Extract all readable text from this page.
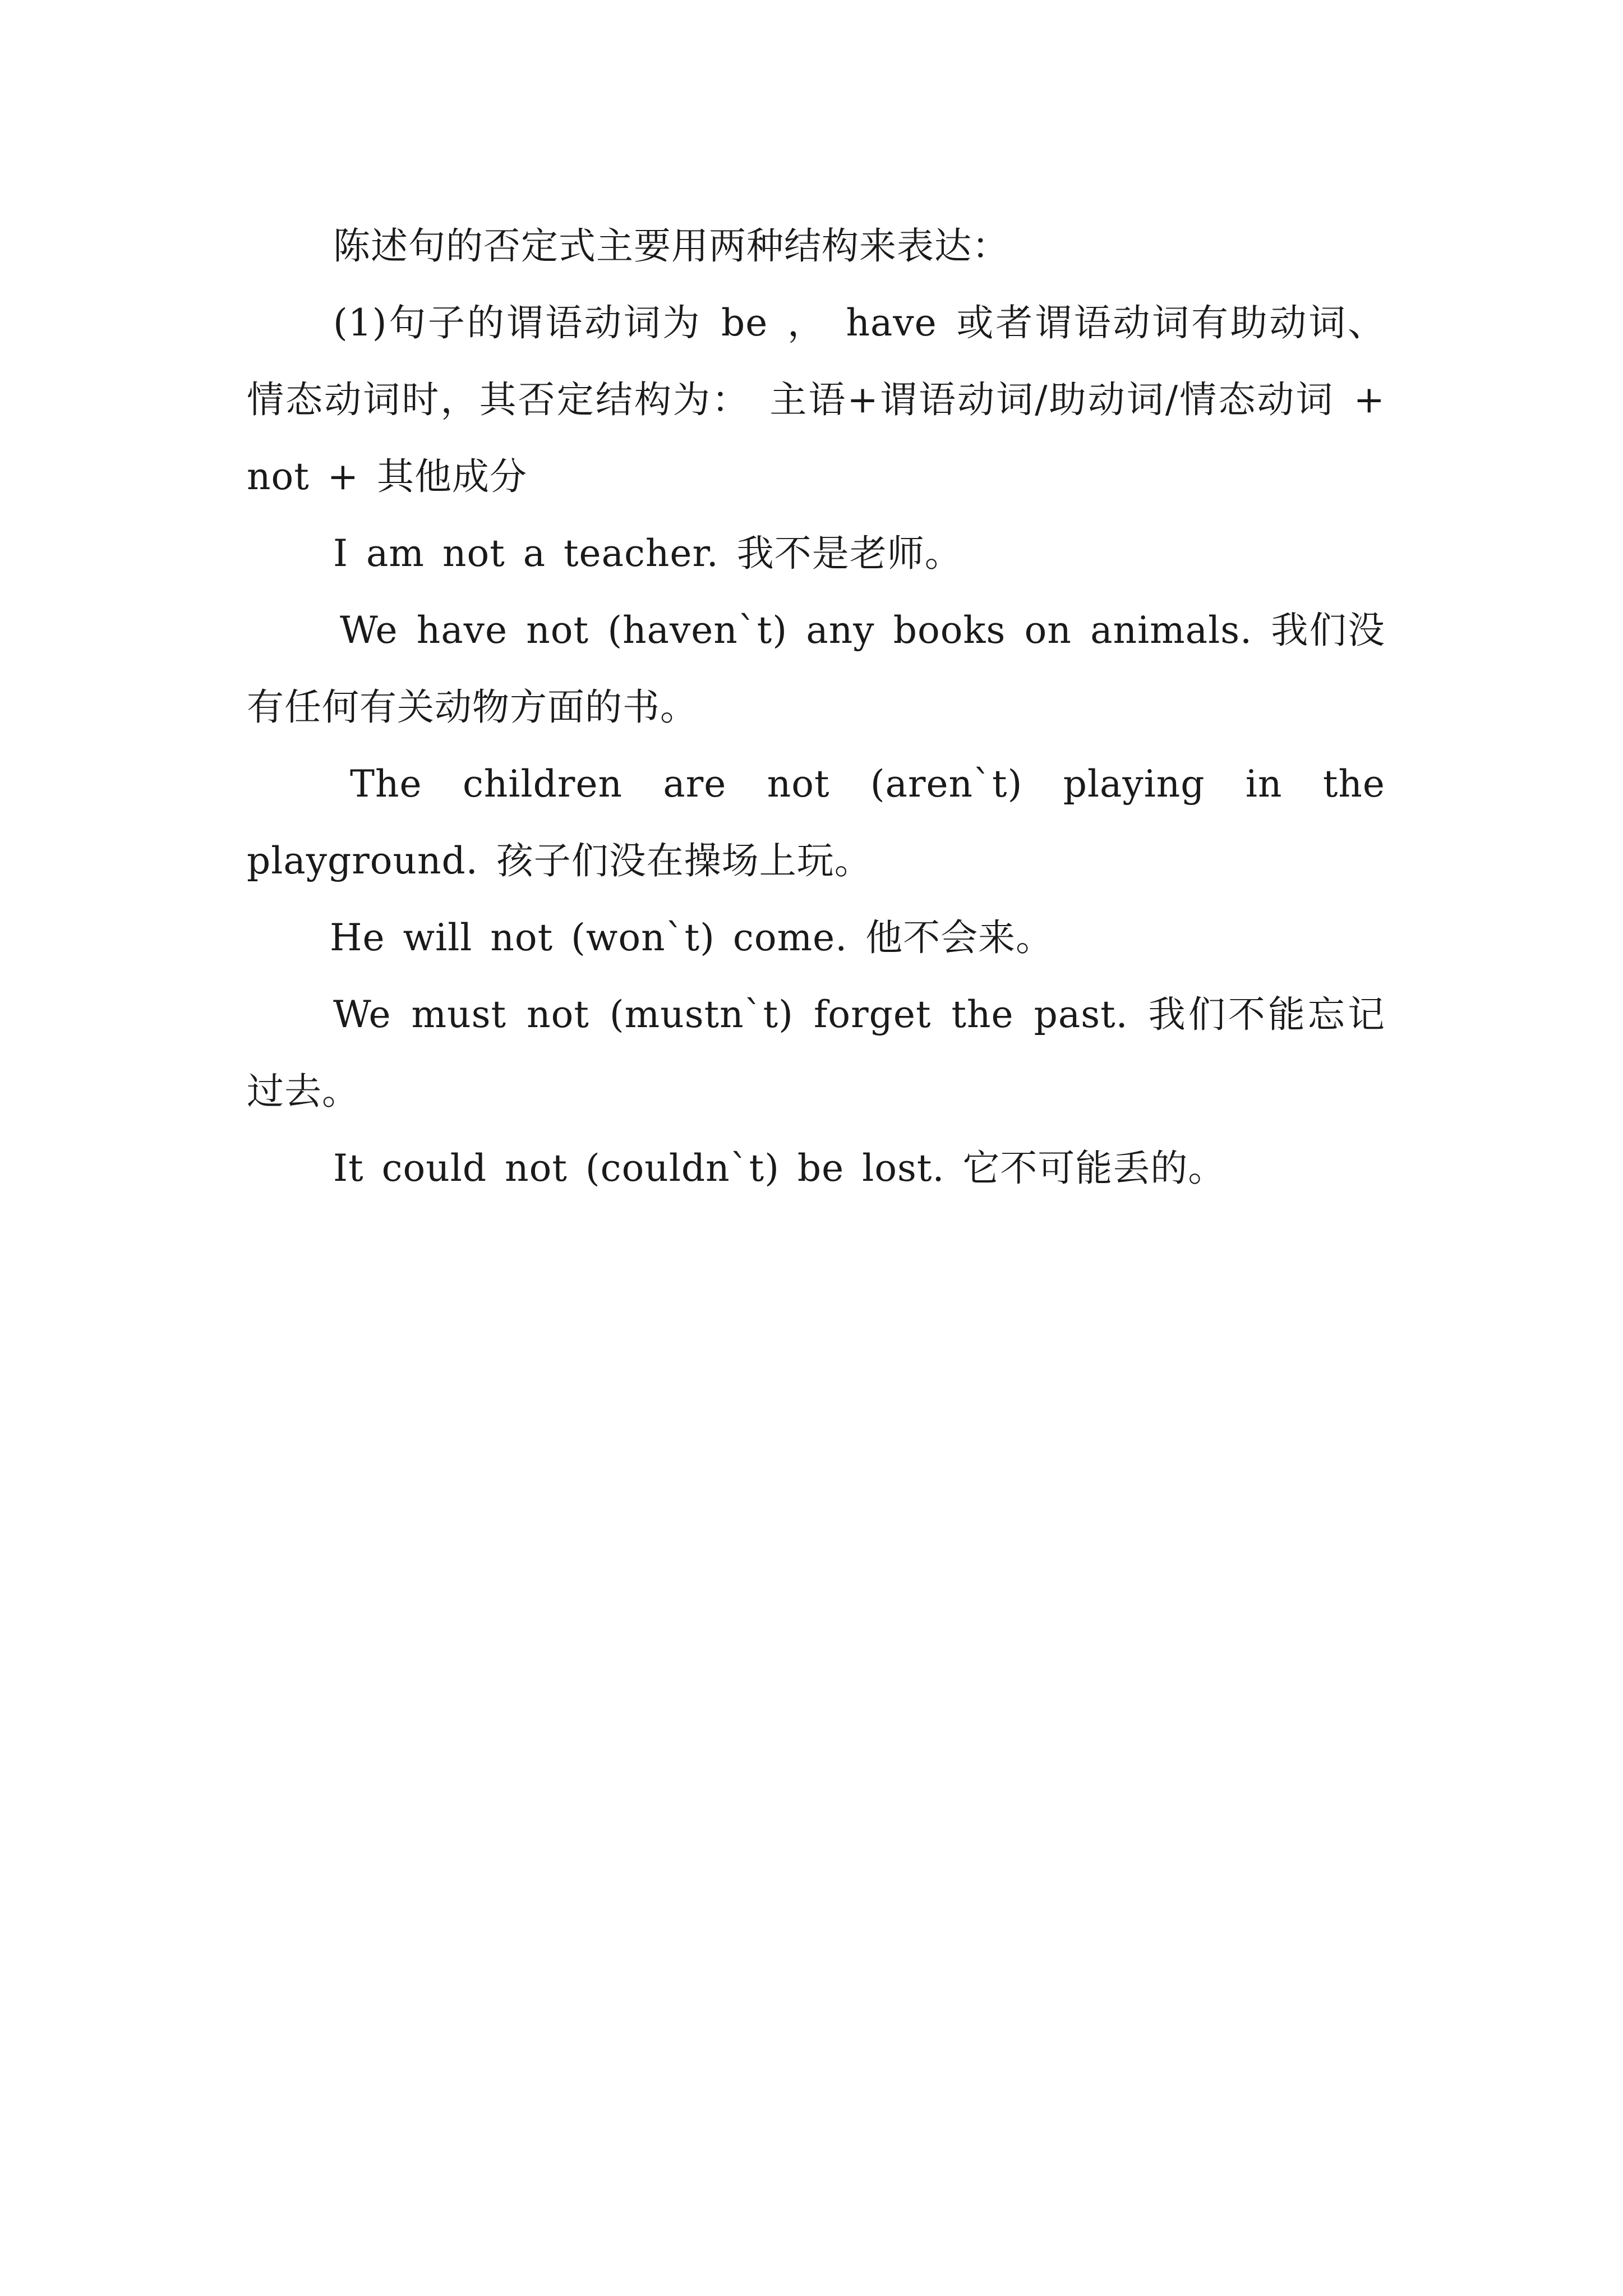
陈述句的否定式主要用两种结构来表达：

(1)句子的谓语动词为 be ， have 或者谓语动词有助动词、情态动词时，其否定结构为： 主语+谓语动词/助动词/情态动词 + not + 其他成分

I am not a teacher. 我不是老师。

We have not (haven`t) any books on animals. 我们没有任何有关动物方面的书。

The children are not (aren`t) playing in the playground. 孩子们没在操场上玩。

He will not (won`t) come. 他不会来。

We must not (mustn`t) forget the past. 我们不能忘记过去。

It could not (couldn`t) be lost. 它不可能丢的。
